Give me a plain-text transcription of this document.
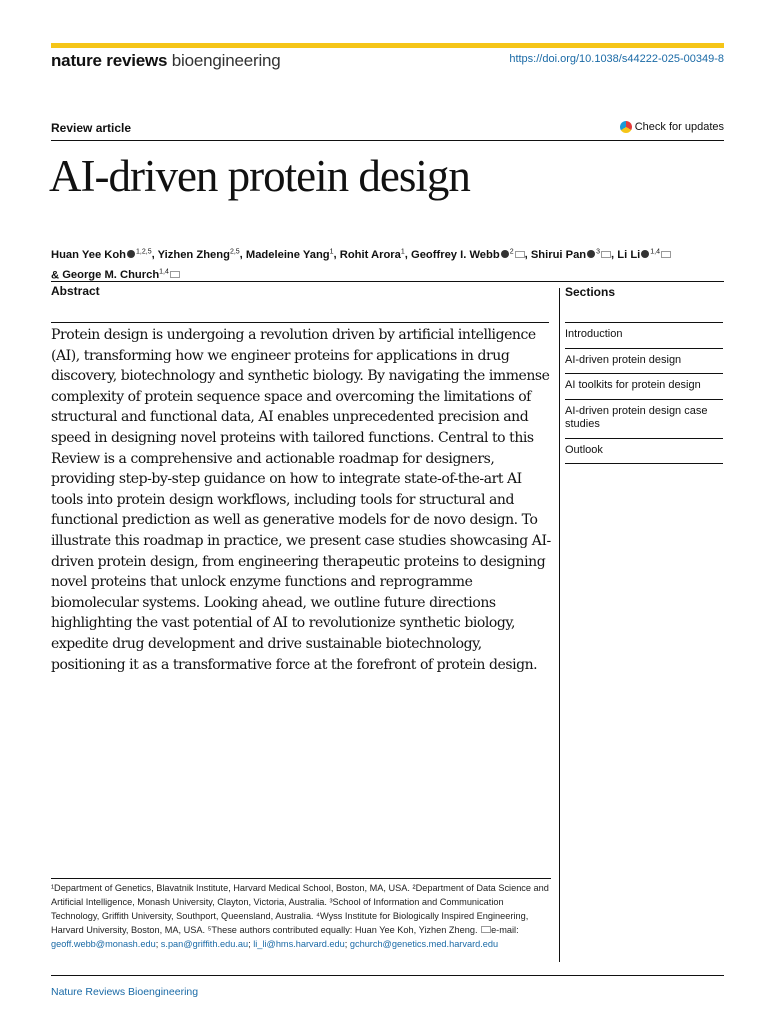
nature reviews bioengineering	https://doi.org/10.1038/s44222-025-00349-8
Review article	Check for updates
AI-driven protein design
Huan Yee Koh $^{1,2,5}$, Yizhen Zheng$^{2,5}$, Madeleine Yang$^1$, Rohit Arora$^1$, Geoffrey I. Webb $^2$ , Shirui Pan $^3$ , Li Li $^{1,4}$
& George M. Church$^{1,4}$
Abstract	Sections

Protein design is undergoing a revolution driven by artificial intelligence (AI), transforming how we engineer proteins for applications in drug discovery, biotechnology and synthetic biology. By navigating the immense complexity of protein sequence space and overcoming the limitations of structural and functional data, AI enables unprecedented precision and speed in designing novel proteins with tailored functions. Central to this Review is a comprehensive and actionable roadmap for designers, providing step-by-step guidance on how to integrate state-of-the-art AI tools into protein design workflows, including tools for structural and functional prediction as well as generative models for de novo design. To illustrate this roadmap in practice, we present case studies showcasing AI-driven protein design, from engineering therapeutic proteins to designing novel proteins that unlock enzyme functions and reprogramme biomolecular systems. Looking ahead, we outline future directions highlighting the vast potential of AI to revolutionize synthetic biology, expedite drug development and drive sustainable biotechnology, positioning it as a transformative force at the forefront of protein design.

Introduction
AI-driven protein design
AI toolkits for protein design
AI-driven protein design case studies
Outlook

¹Department of Genetics, Blavatnik Institute, Harvard Medical School, Boston, MA, USA. ²Department of Data Science and Artificial Intelligence, Monash University, Clayton, Victoria, Australia. ³School of Information and Communication Technology, Griffith University, Southport, Queensland, Australia. ⁴Wyss Institute for Biologically Inspired Engineering, Harvard University, Boston, MA, USA. ⁵These authors contributed equally: Huan Yee Koh, Yizhen Zheng. e-mail: geoff.webb@monash.edu; s.pan@griffith.edu.au; li_li@hms.harvard.edu; gchurch@genetics.med.harvard.edu

Nature Reviews Bioengineering
